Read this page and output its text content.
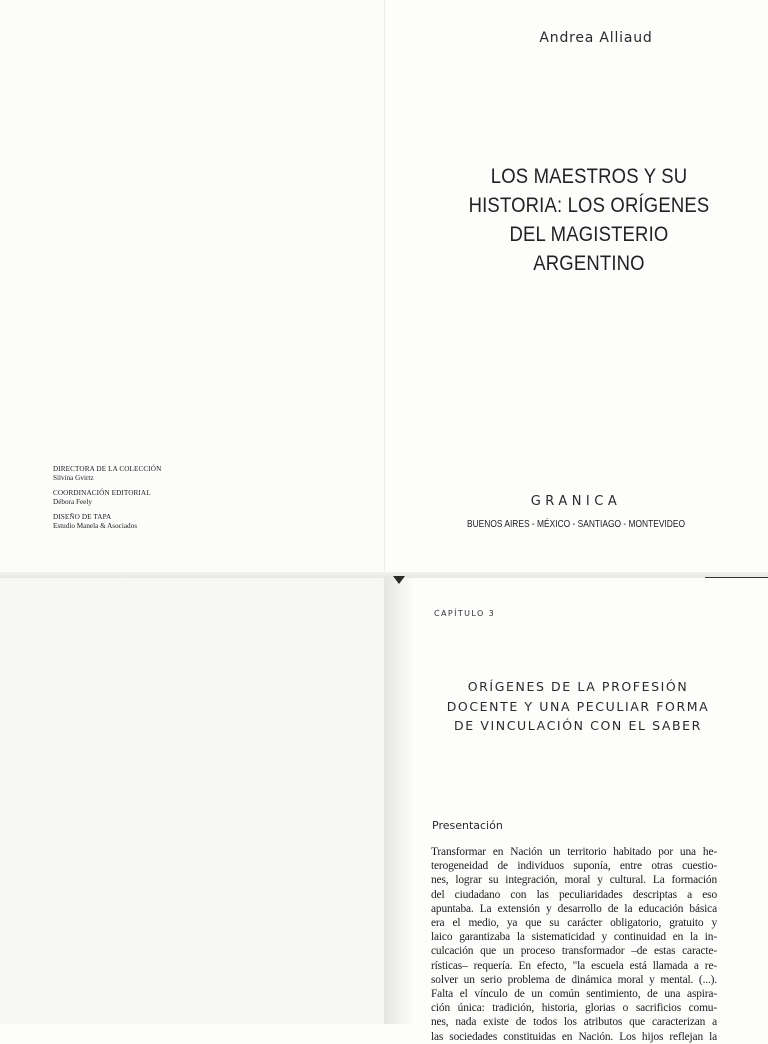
DIRECTORA DE LA COLECCIÓN
Silvina Gvirtz
COORDINACIÓN EDITORIAL
Débora Feely
DISEÑO DE TAPA
Estudio Manela & Asociados
Andrea Alliaud
LOS MAESTROS Y SU
HISTORIA: LOS ORÍGENES
DEL MAGISTERIO
ARGENTINO
GRANICA
BUENOS AIRES - MÉXICO - SANTIAGO - MONTEVIDEO
CAPÍTULO 3
ORÍGENES DE LA PROFESIÓN
DOCENTE Y UNA PECULIAR FORMA
DE VINCULACIÓN CON EL SABER
Presentación
Transformar en Nación un territorio habitado por una he-
terogeneidad de individuos suponía, entre otras cuestio-
nes, lograr su integración, moral y cultural. La formación
del ciudadano con las peculiaridades descriptas a eso
apuntaba. La extensión y desarrollo de la educación básica
era el medio, ya que su carácter obligatorio, gratuito y
laico garantizaba la sistematicidad y continuidad en la in-
culcación que un proceso transformador –de estas caracte-
rísticas– requería. En efecto, "la escuela está llamada a re-
solver un serio problema de dinámica moral y mental. (...).
Falta el vínculo de un común sentimiento, de una aspira-
ción única: tradición, historia, glorias o sacrificios comu-
nes, nada existe de todos los atributos que caracterizan a
las sociedades constituidas en Nación. Los hijos reflejan la
